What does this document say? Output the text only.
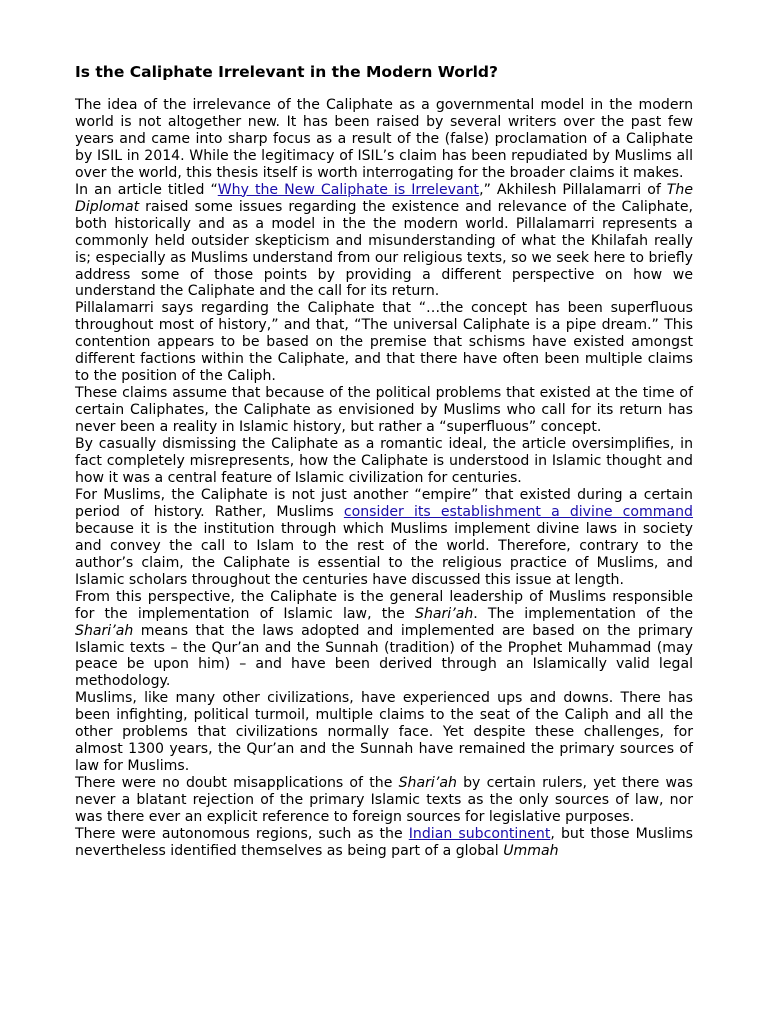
Is the Caliphate Irrelevant in the Modern World?

The idea of the irrelevance of the Caliphate as a governmental model in the modern world is not altogether new. It has been raised by several writers over the past few years and came into sharp focus as a result of the (false) proclamation of a Caliphate by ISIL in 2014. While the legitimacy of ISIL’s claim has been repudiated by Muslims all over the world, this thesis itself is worth interrogating for the broader claims it makes.

In an article titled “Why the New Caliphate is Irrelevant,” Akhilesh Pillalamarri of The Diplomat raised some issues regarding the existence and relevance of the Caliphate, both historically and as a model in the the modern world. Pillalamarri represents a commonly held outsider skepticism and misunderstanding of what the Khilafah really is; especially as Muslims understand from our religious texts, so we seek here to briefly address some of those points by providing a different perspective on how we understand the Caliphate and the call for its return.

Pillalamarri says regarding the Caliphate that “…the concept has been superfluous throughout most of history,” and that, “The universal Caliphate is a pipe dream.” This contention appears to be based on the premise that schisms have existed amongst different factions within the Caliphate, and that there have often been multiple claims to the position of the Caliph.

These claims assume that because of the political problems that existed at the time of certain Caliphates, the Caliphate as envisioned by Muslims who call for its return has never been a reality in Islamic history, but rather a “superfluous” concept.

By casually dismissing the Caliphate as a romantic ideal, the article oversimplifies, in fact completely misrepresents, how the Caliphate is understood in Islamic thought and how it was a central feature of Islamic civilization for centuries.

For Muslims, the Caliphate is not just another “empire” that existed during a certain period of history. Rather, Muslims consider its establishment a divine command because it is the institution through which Muslims implement divine laws in society and convey the call to Islam to the rest of the world. Therefore, contrary to the author’s claim, the Caliphate is essential to the religious practice of Muslims, and Islamic scholars throughout the centuries have discussed this issue at length.

From this perspective, the Caliphate is the general leadership of Muslims responsible for the implementation of Islamic law, the Shari’ah. The implementation of the Shari’ah means that the laws adopted and implemented are based on the primary Islamic texts – the Qur’an and the Sunnah (tradition) of the Prophet Muhammad (may peace be upon him) – and have been derived through an Islamically valid legal methodology.

Muslims, like many other civilizations, have experienced ups and downs. There has been infighting, political turmoil, multiple claims to the seat of the Caliph and all the other problems that civilizations normally face. Yet despite these challenges, for almost 1300 years, the Qur’an and the Sunnah have remained the primary sources of law for Muslims.

There were no doubt misapplications of the Shari’ah by certain rulers, yet there was never a blatant rejection of the primary Islamic texts as the only sources of law, nor was there ever an explicit reference to foreign sources for legislative purposes.

There were autonomous regions, such as the Indian subcontinent, but those Muslims nevertheless identified themselves as being part of a global Ummah
